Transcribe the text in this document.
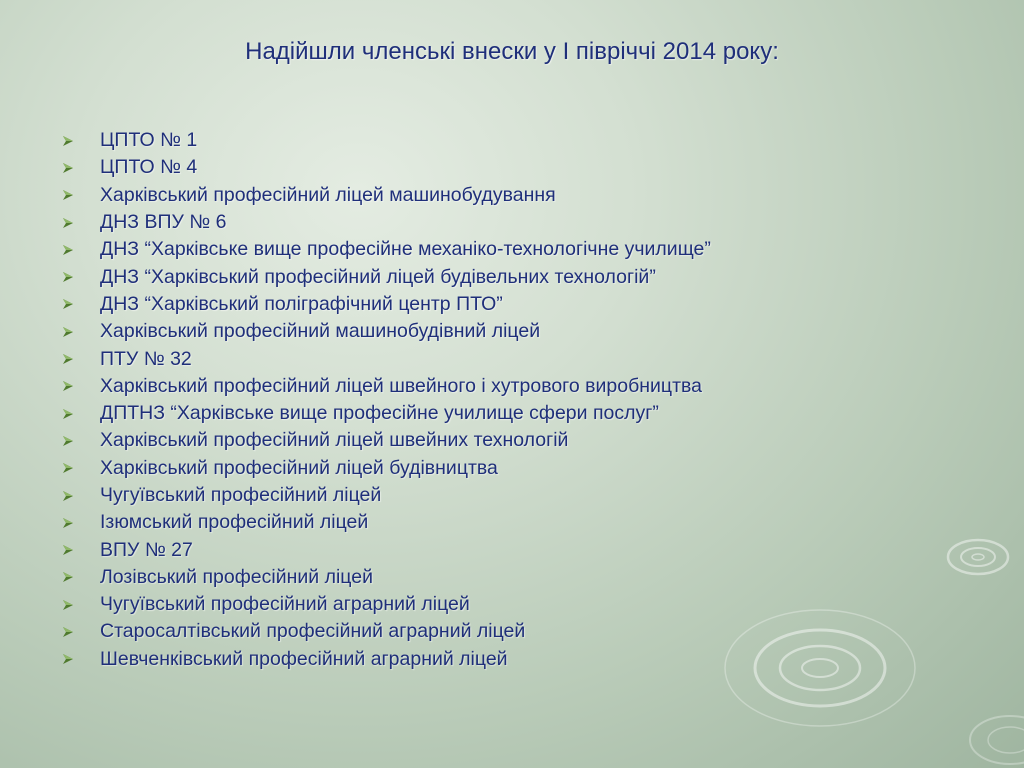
Надійшли членські внески у І півріччі 2014 року:
ЦПТО № 1
ЦПТО № 4
Харківський професійний ліцей машинобудування
ДНЗ ВПУ № 6
ДНЗ “Харківське вище професійне механіко-технологічне училище”
ДНЗ “Харківський професійний ліцей будівельних технологій”
ДНЗ “Харківський поліграфічний центр ПТО”
Харківський професійний машинобудівний ліцей
ПТУ № 32
Харківський професійний ліцей швейного і хутрового виробництва
ДПТНЗ “Харківське вище професійне училище сфери послуг”
Харківський професійний ліцей швейних технологій
Харківський професійний ліцей будівництва
Чугуївський професійний ліцей
Ізюмський професійний ліцей
ВПУ № 27
Лозівський професійний ліцей
Чугуївський професійний аграрний ліцей
Старосалтівський професійний аграрний ліцей
Шевченківський професійний аграрний ліцей
